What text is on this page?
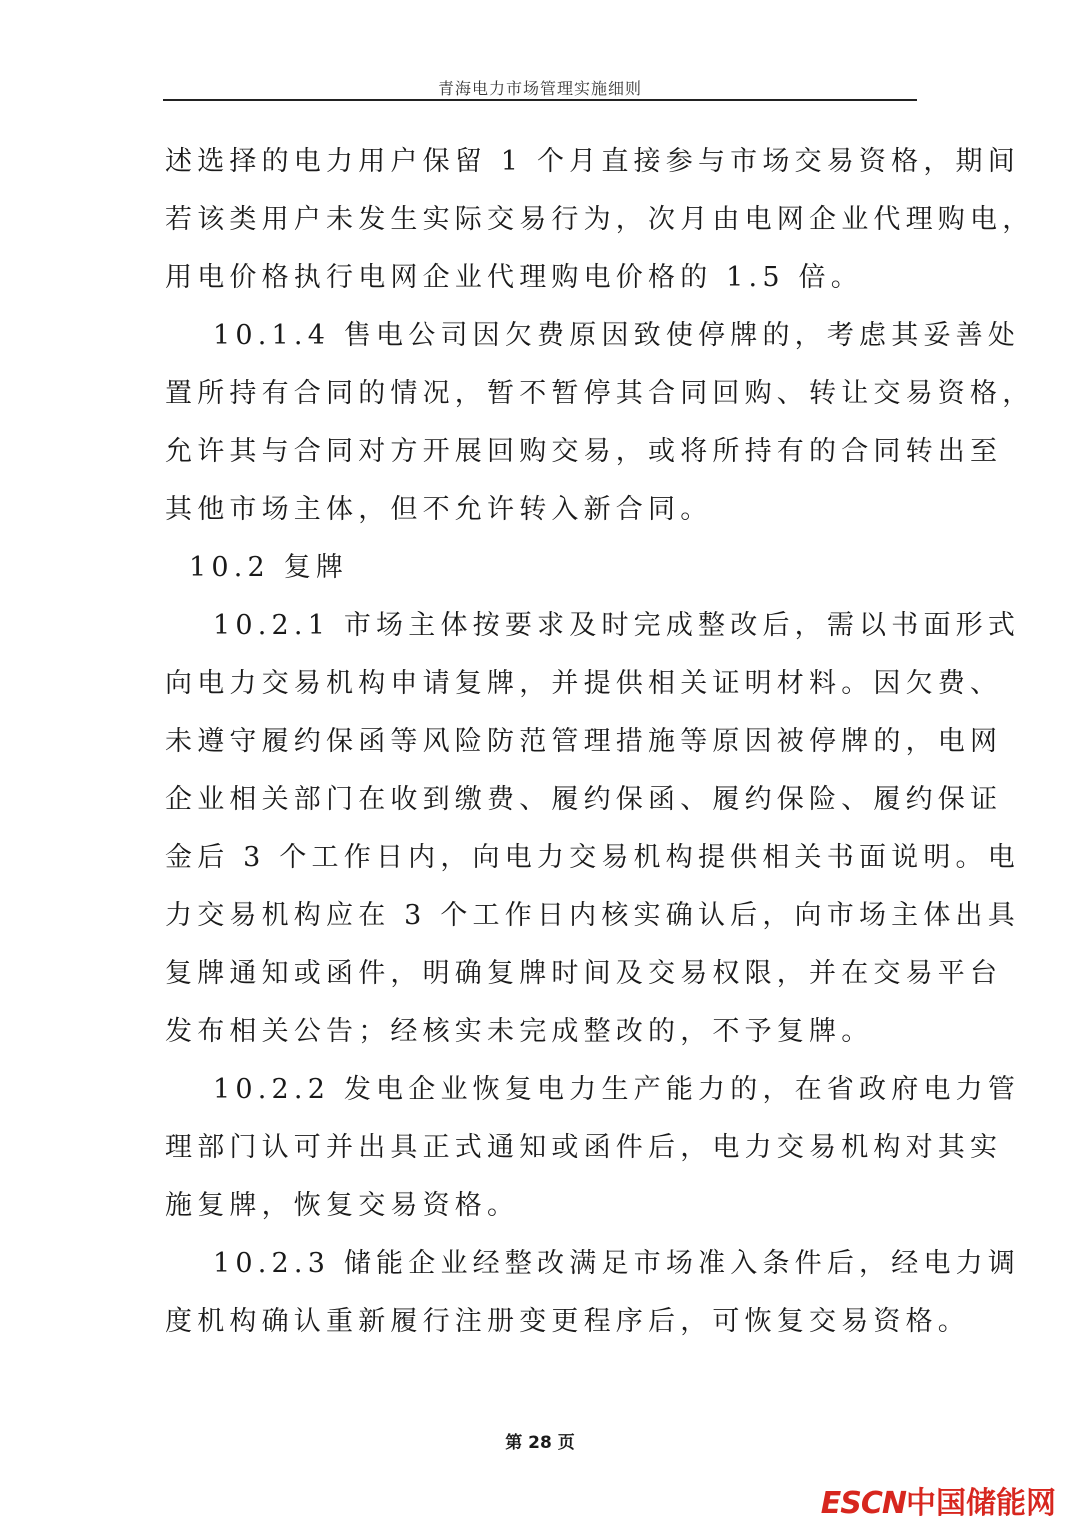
青海电力市场管理实施细则
述选择的电力用户保留 1 个月直接参与市场交易资格，期间
若该类用户未发生实际交易行为，次月由电网企业代理购电，
用电价格执行电网企业代理购电价格的 1.5 倍。
10.1.4 售电公司因欠费原因致使停牌的，考虑其妥善处
置所持有合同的情况，暂不暂停其合同回购、转让交易资格，
允许其与合同对方开展回购交易，或将所持有的合同转出至
其他市场主体，但不允许转入新合同。
10.2 复牌
10.2.1 市场主体按要求及时完成整改后，需以书面形式
向电力交易机构申请复牌，并提供相关证明材料。因欠费、
未遵守履约保函等风险防范管理措施等原因被停牌的，电网
企业相关部门在收到缴费、履约保函、履约保险、履约保证
金后 3 个工作日内，向电力交易机构提供相关书面说明。电
力交易机构应在 3 个工作日内核实确认后，向市场主体出具
复牌通知或函件，明确复牌时间及交易权限，并在交易平台
发布相关公告；经核实未完成整改的，不予复牌。
10.2.2 发电企业恢复电力生产能力的，在省政府电力管
理部门认可并出具正式通知或函件后，电力交易机构对其实
施复牌，恢复交易资格。
10.2.3 储能企业经整改满足市场准入条件后，经电力调
度机构确认重新履行注册变更程序后，可恢复交易资格。
第 28 页
ESCN中国储能网
